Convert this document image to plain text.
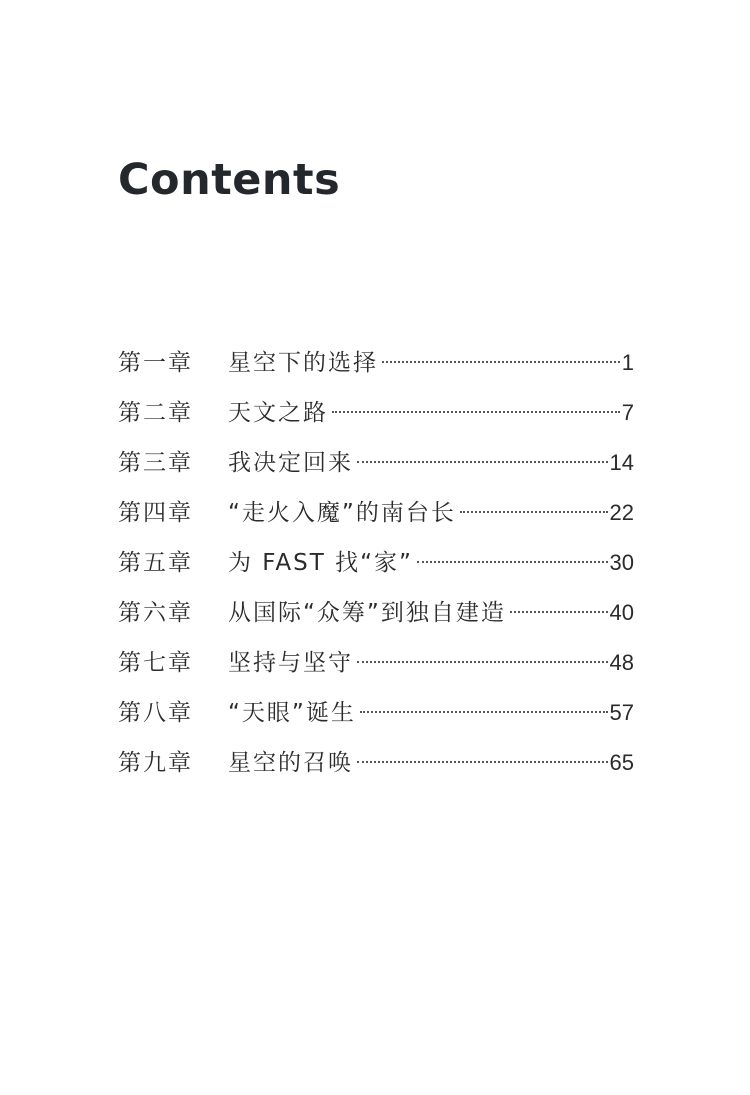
Contents
第一章	星空下的选择	1
第二章	天文之路	7
第三章	我决定回来	14
第四章	“走火入魔”的南台长	22
第五章	为 FAST 找“家”	30
第六章	从国际“众筹”到独自建造	40
第七章	坚持与坚守	48
第八章	“天眼”诞生	57
第九章	星空的召唤	65
